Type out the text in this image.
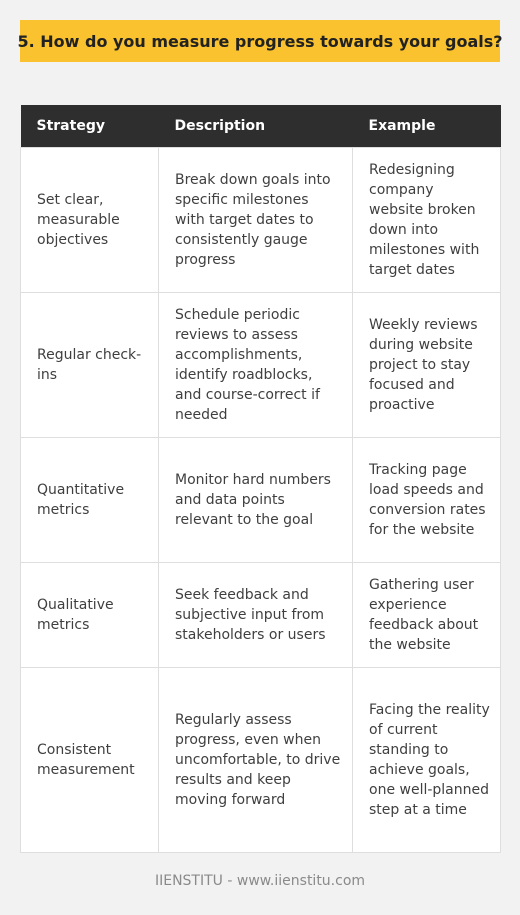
5. How do you measure progress towards your goals?
Strategy	Description	Example
Set clear, measurable objectives	Break down goals into specific milestones with target dates to consistently gauge progress	Redesigning company website broken down into milestones with target dates
Regular check-ins	Schedule periodic reviews to assess accomplishments, identify roadblocks, and course-correct if needed	Weekly reviews during website project to stay focused and proactive
Quantitative metrics	Monitor hard numbers and data points relevant to the goal	Tracking page load speeds and conversion rates for the website
Qualitative metrics	Seek feedback and subjective input from stakeholders or users	Gathering user experience feedback about the website
Consistent measurement	Regularly assess progress, even when uncomfortable, to drive results and keep moving forward	Facing the reality of current standing to achieve goals, one well-planned step at a time
IIENSTITU - www.iienstitu.com
